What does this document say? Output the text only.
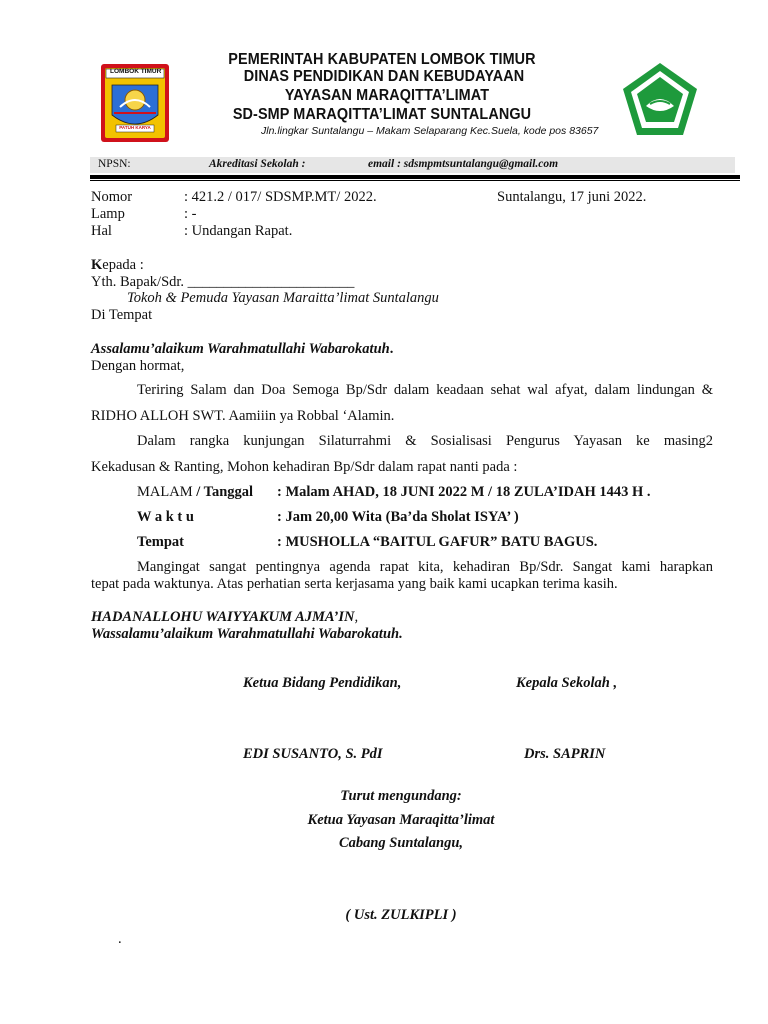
LOMBOK TIMUR
PATUH KARYA
PEMERINTAH KABUPATEN LOMBOK TIMUR
DINAS PENDIDIKAN DAN KEBUDAYAAN
YAYASAN MARAQITTA’LIMAT
SD-SMP MARAQITTA’LIMAT SUNTALANGU
Jln.lingkar Suntalangu – Makam Selaparang Kec.Suela, kode pos 83657
NPSN:	Akreditasi Sekolah :	email : sdsmpmtsuntalangu@gmail.com
Nomor	: 421.2 / 017/ SDSMP.MT/ 2022.	Suntalangu, 17 juni 2022.
Lamp	: -
Hal	: Undangan Rapat.
Kepada :
Yth. Bapak/Sdr. _______________________
Tokoh & Pemuda Yayasan Maraitta’limat Suntalangu
Di Tempat
Assalamu’alaikum Warahmatullahi Wabarokatuh.
Dengan hormat,
Teriring Salam dan Doa Semoga Bp/Sdr dalam keadaan sehat wal afyat, dalam lindungan &
RIDHO ALLOH SWT. Aamiiin ya Robbal ‘Alamin.
Dalam rangka kunjungan Silaturrahmi & Sosialisasi Pengurus Yayasan ke masing2
Kekadusan & Ranting, Mohon kehadiran Bp/Sdr dalam rapat nanti pada :
MALAM / Tanggal : Malam AHAD, 18 JUNI 2022 M / 18 ZULA’IDAH 1443 H .
W a k t u	: Jam 20,00 Wita (Ba’da Sholat ISYA’ )
Tempat	: MUSHOLLA “BAITUL GAFUR” BATU BAGUS.
Mangingat sangat pentingnya agenda rapat kita, kehadiran Bp/Sdr. Sangat kami harapkan
tepat pada waktunya. Atas perhatian serta kerjasama yang baik kami ucapkan terima kasih.
HADANALLOHU WAIYYAKUM AJMA’IN,
Wassalamu’alaikum Warahmatullahi Wabarokatuh.
Ketua Bidang Pendidikan,	Kepala Sekolah ,
EDI SUSANTO, S. PdI	Drs. SAPRIN
Turut mengundang:
Ketua Yayasan Maraqitta’limat
Cabang Suntalangu,
( Ust. ZULKIPLI )
.
